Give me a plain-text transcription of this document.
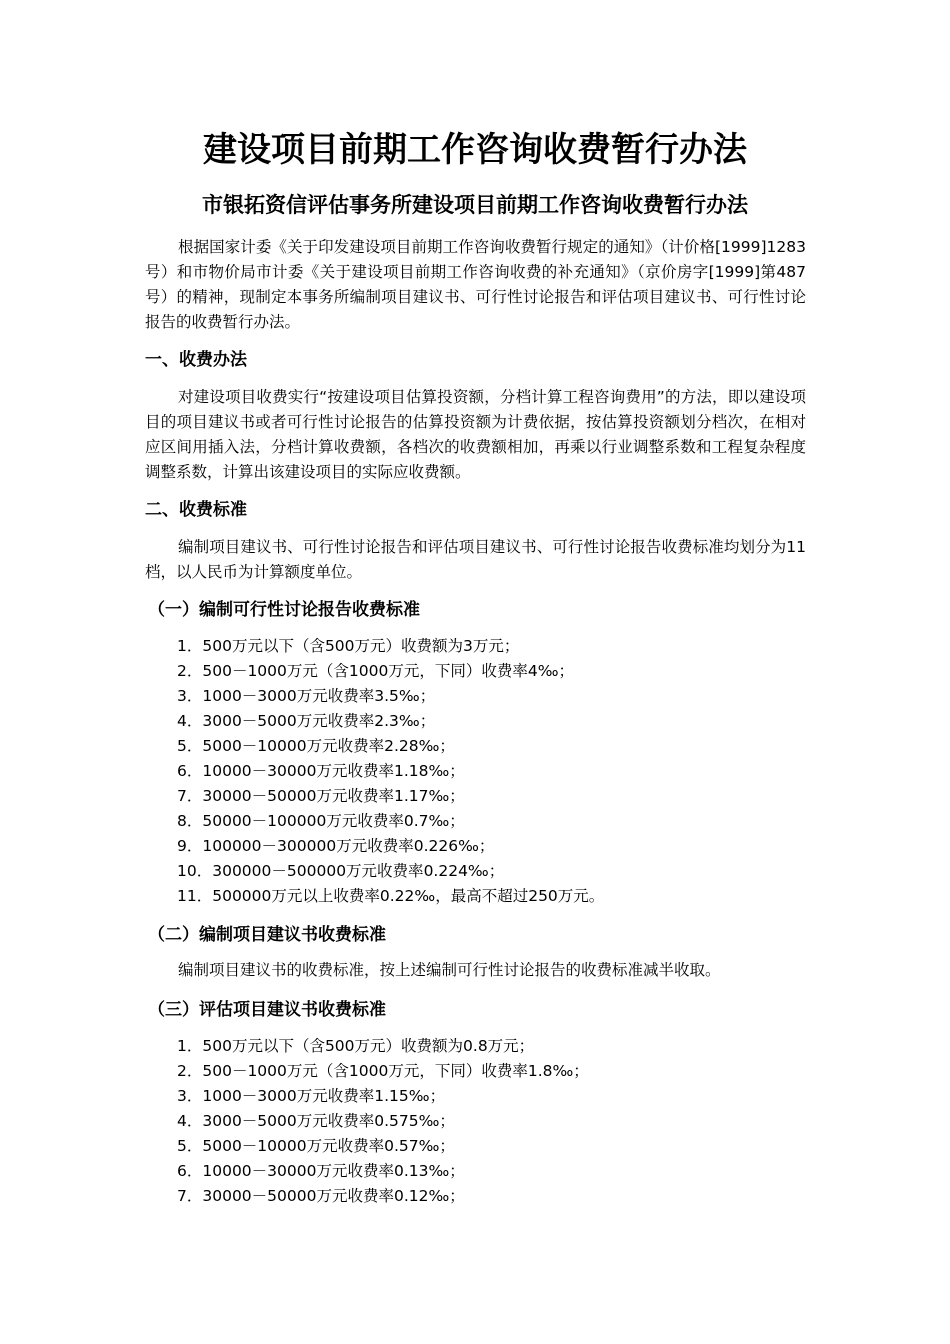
建设项目前期工作咨询收费暂行办法
市银拓资信评估事务所建设项目前期工作咨询收费暂行办法

根据国家计委《关于印发建设项目前期工作咨询收费暂行规定的通知》（计价格[1999]1283号）和市物价局市计委《关于建设项目前期工作咨询收费的补充通知》（京价房字[1999]第487号）的精神，现制定本事务所编制项目建议书、可行性讨论报告和评估项目建议书、可行性讨论报告的收费暂行办法。

一、收费办法

对建设项目收费实行“按建设项目估算投资额，分档计算工程咨询费用”的方法，即以建设项目的项目建议书或者可行性讨论报告的估算投资额为计费依据，按估算投资额划分档次，在相对应区间用插入法，分档计算收费额，各档次的收费额相加，再乘以行业调整系数和工程复杂程度调整系数，计算出该建设项目的实际应收费额。

二、收费标准

编制项目建议书、可行性讨论报告和评估项目建议书、可行性讨论报告收费标准均划分为11档，以人民币为计算额度单位。

（一）编制可行性讨论报告收费标准
1．500万元以下（含500万元）收费额为3万元；
2．500－1000万元（含1000万元，下同）收费率4‰；
3．1000－3000万元收费率3.5‰；
4．3000－5000万元收费率2.3‰；
5．5000－10000万元收费率2.28‰；
6．10000－30000万元收费率1.18‰；
7．30000－50000万元收费率1.17‰；
8．50000－100000万元收费率0.7‰；
9．100000－300000万元收费率0.226‰；
10．300000－500000万元收费率0.224‰；
11．500000万元以上收费率0.22‰，最高不超过250万元。
（二）编制项目建议书收费标准

编制项目建议书的收费标准，按上述编制可行性讨论报告的收费标准减半收取。

（三）评估项目建议书收费标准
1．500万元以下（含500万元）收费额为0.8万元；
2．500－1000万元（含1000万元，下同）收费率1.8‰；
3．1000－3000万元收费率1.15‰；
4．3000－5000万元收费率0.575‰；
5．5000－10000万元收费率0.57‰；
6．10000－30000万元收费率0.13‰；
7．30000－50000万元收费率0.12‰；
